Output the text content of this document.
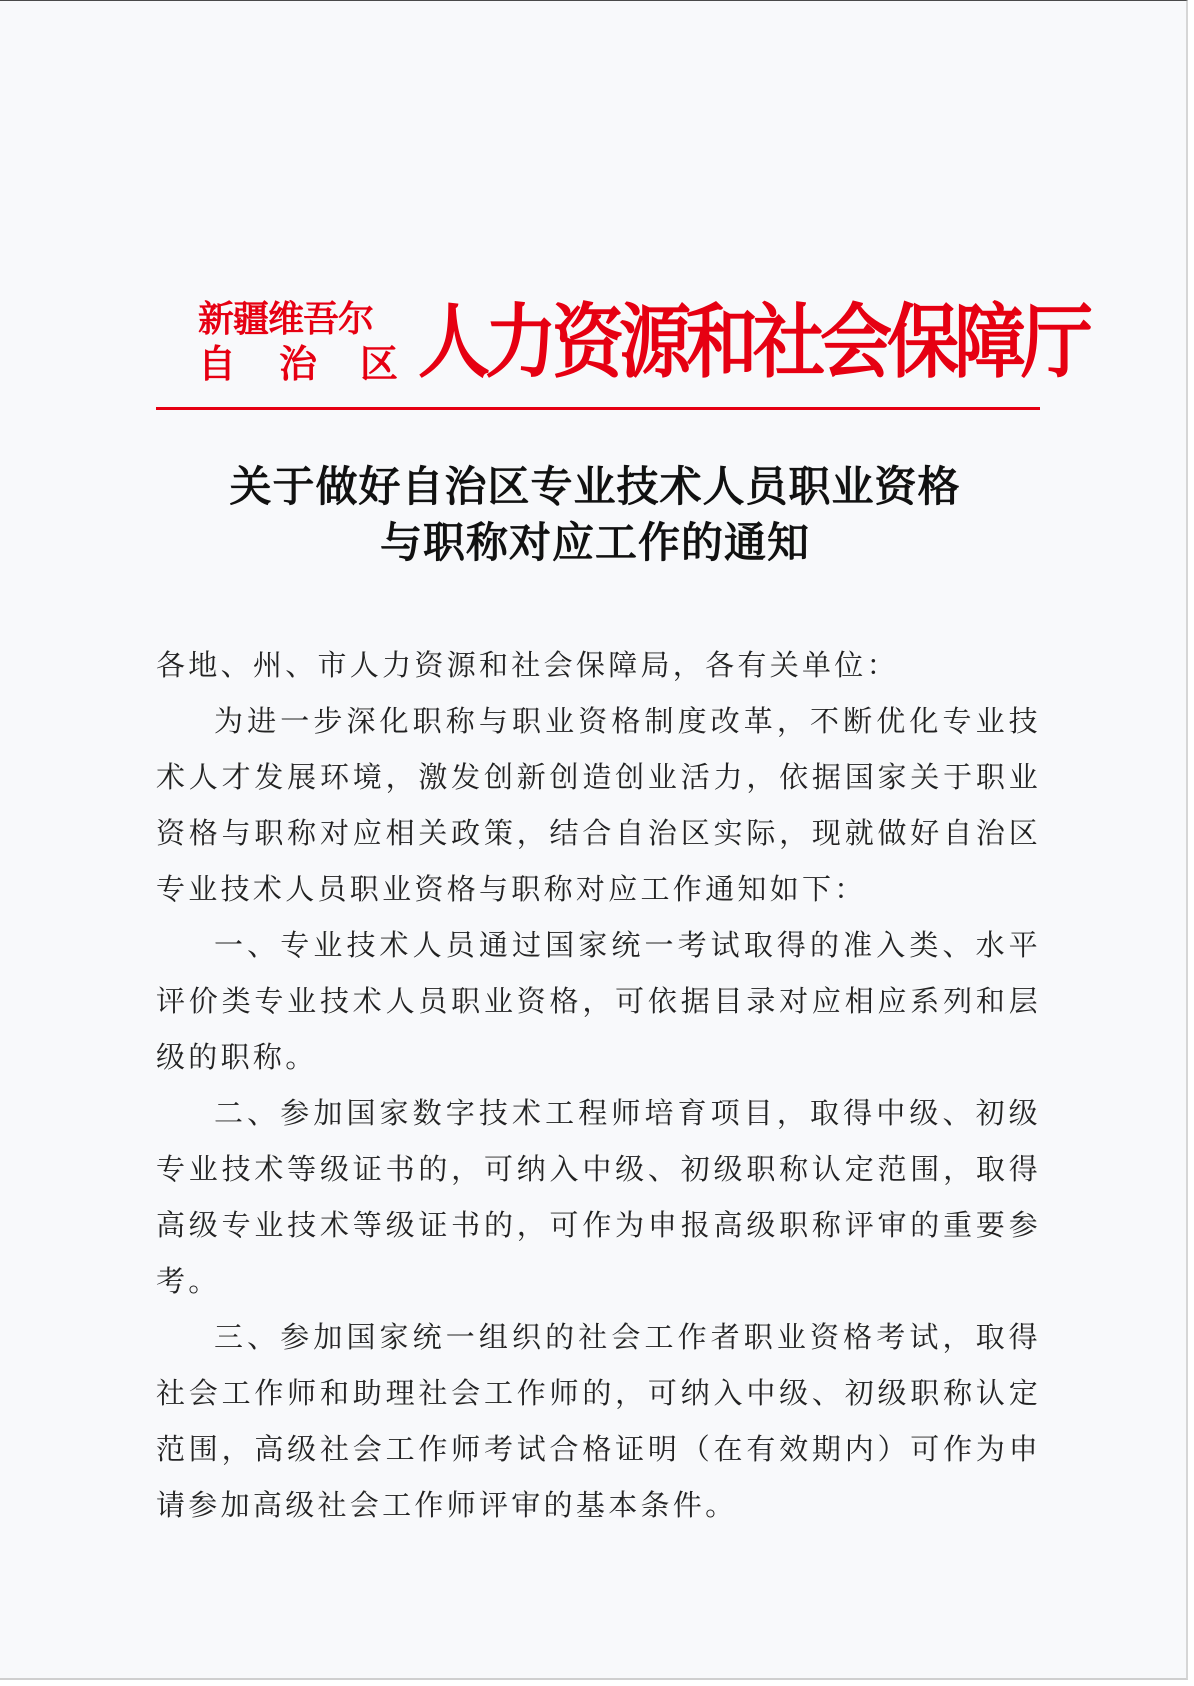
新疆维吾尔
自 治 区 人力资源和社会保障厅
关于做好自治区专业技术人员职业资格
与职称对应工作的通知

各地、州、市人力资源和社会保障局，各有关单位：

为进一步深化职称与职业资格制度改革，不断优化专业技术人才发展环境，激发创新创造创业活力，依据国家关于职业资格与职称对应相关政策，结合自治区实际，现就做好自治区专业技术人员职业资格与职称对应工作通知如下：

一、专业技术人员通过国家统一考试取得的准入类、水平评价类专业技术人员职业资格，可依据目录对应相应系列和层级的职称。

二、参加国家数字技术工程师培育项目，取得中级、初级专业技术等级证书的，可纳入中级、初级职称认定范围，取得高级专业技术等级证书的，可作为申报高级职称评审的重要参考。

三、参加国家统一组织的社会工作者职业资格考试，取得社会工作师和助理社会工作师的，可纳入中级、初级职称认定范围，高级社会工作师考试合格证明（在有效期内）可作为申请参加高级社会工作师评审的基本条件。
